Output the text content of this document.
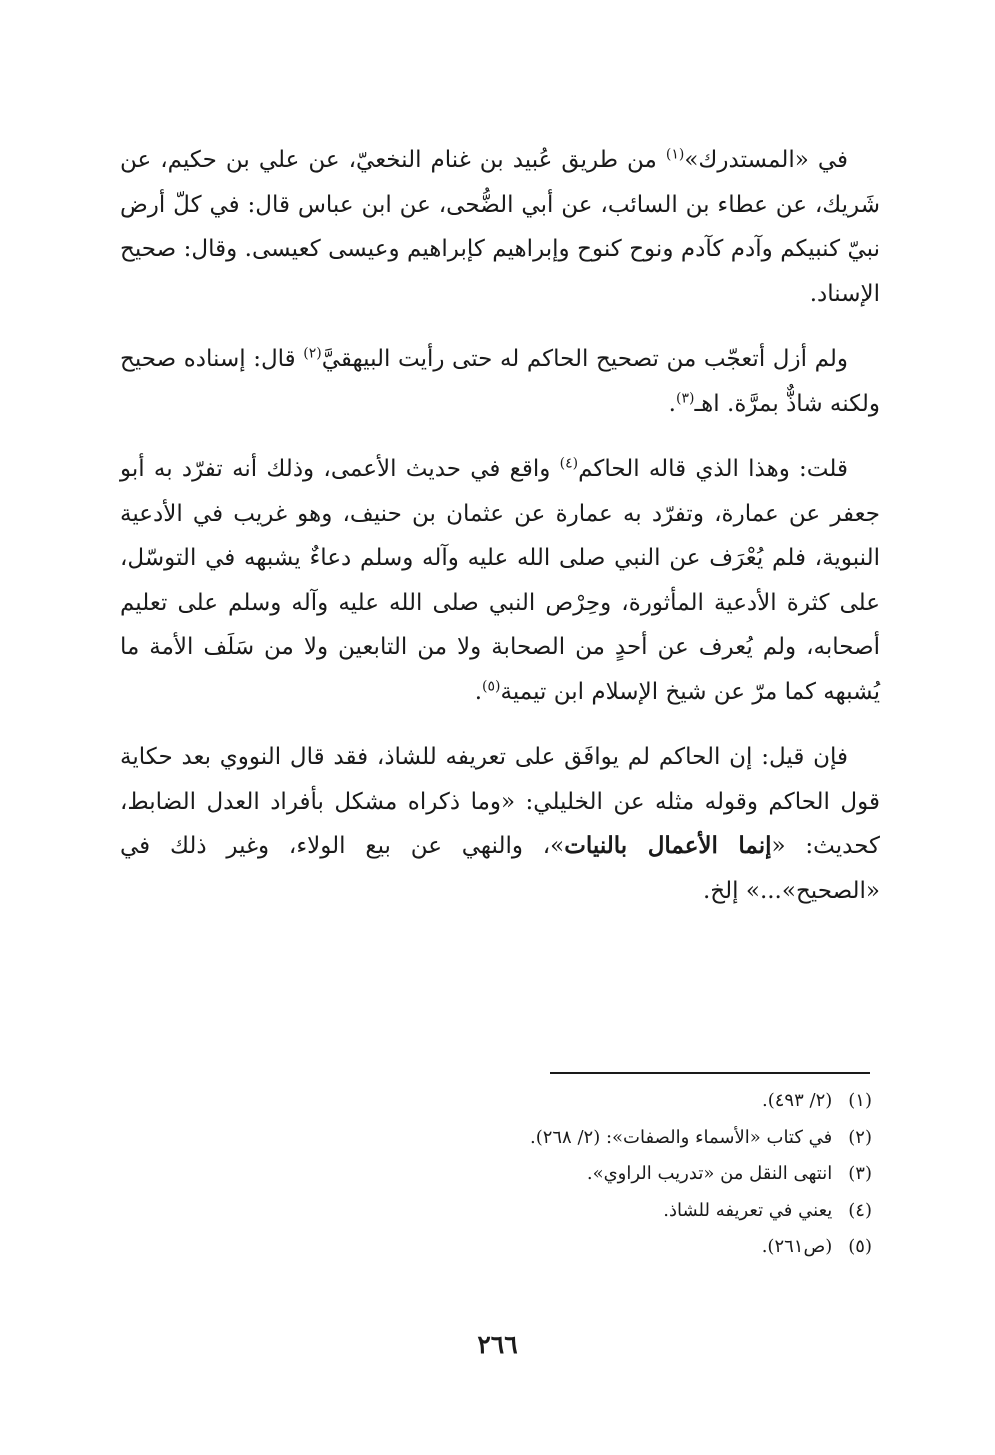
في «المستدرك»$^{(١)}$ من طريق عُبيد بن غنام النخعيّ، عن علي بن حكيم، عن شَريك، عن عطاء بن السائب، عن أبي الضُّحى، عن ابن عباس قال: في كلّ أرض نبيّ كنبيكم وآدم كآدم ونوح كنوح وإبراهيم كإبراهيم وعيسى كعيسى. وقال: صحيح الإسناد.

ولم أزل أتعجّب من تصحيح الحاكم له حتى رأيت البيهقيَّ$^{(٢)}$ قال: إسناده صحيح ولكنه شاذٌّ بمرَّة. اهـ$^{(٣)}$.

قلت: وهذا الذي قاله الحاكم$^{(٤)}$ واقع في حديث الأعمى، وذلك أنه تفرّد به أبو جعفر عن عمارة، وتفرّد به عمارة عن عثمان بن حنيف، وهو غريب في الأدعية النبوية، فلم يُعْرَف عن النبي صلى الله عليه وآله وسلم دعاءٌ يشبهه في التوسّل، على كثرة الأدعية المأثورة، وحِرْص النبي صلى الله عليه وآله وسلم على تعليم أصحابه، ولم يُعرف عن أحدٍ من الصحابة ولا من التابعين ولا من سَلَف الأمة ما يُشبهه كما مرّ عن شيخ الإسلام ابن تيمية$^{(٥)}$.

فإن قيل: إن الحاكم لم يوافَق على تعريفه للشاذ، فقد قال النووي بعد حكاية قول الحاكم وقوله مثله عن الخليلي: «وما ذكراه مشكل بأفراد العدل الضابط، كحديث: «إنما الأعمال بالنيات»، والنهي عن بيع الولاء، وغير ذلك في «الصحيح»...» إلخ.

(١) (٢/ ٤٩٣).
(٢) في كتاب «الأسماء والصفات»: (٢/ ٢٦٨).
(٣) انتهى النقل من «تدريب الراوي».
(٤) يعني في تعريفه للشاذ.
(٥) (ص٢٦١).
٢٦٦
